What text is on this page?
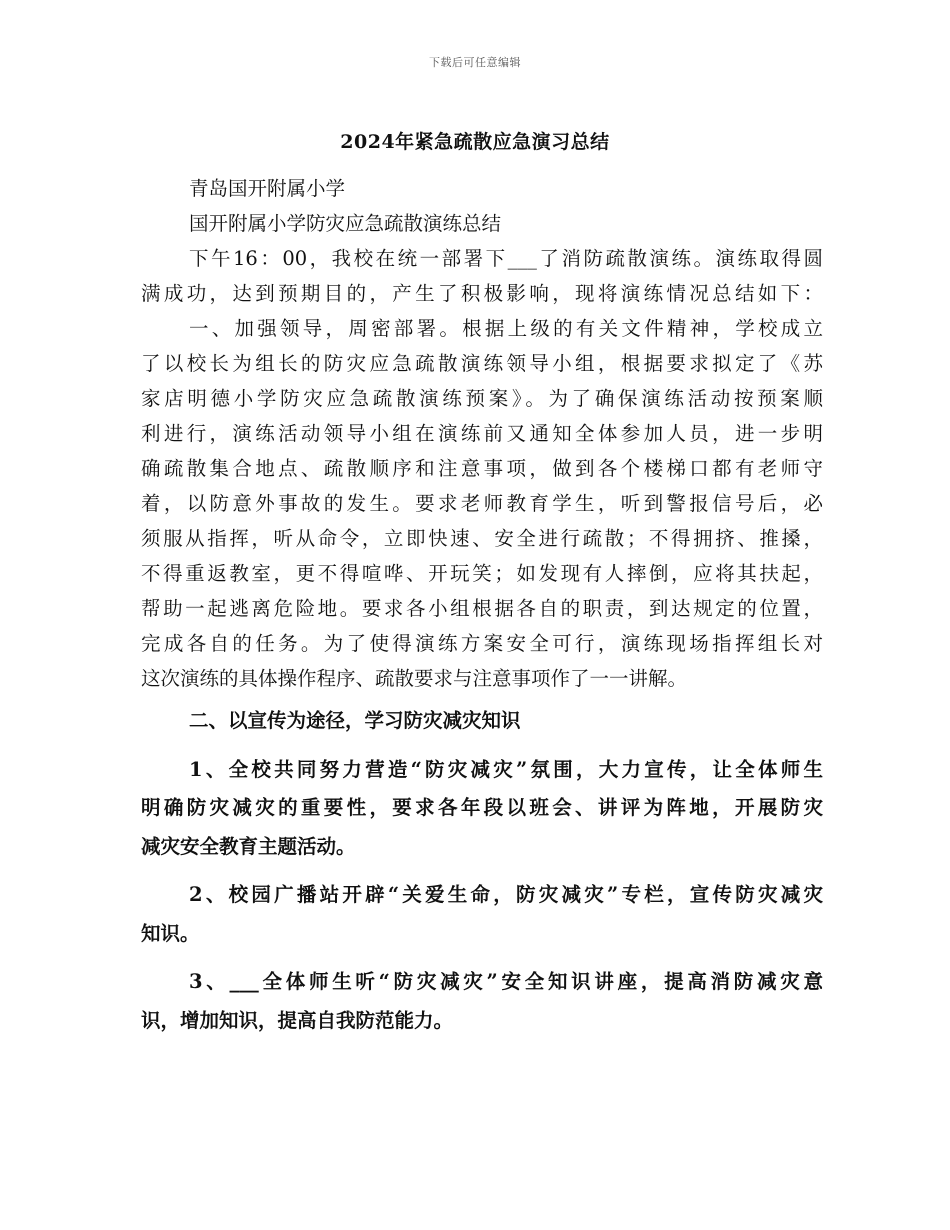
下载后可任意编辑
2024年紧急疏散应急演习总结
青岛国开附属小学
国开附属小学防灾应急疏散演练总结
下午16：00，我校在统一部署下___了消防疏散演练。演练取得圆
满成功，达到预期目的，产生了积极影响，现将演练情况总结如下：
一、加强领导，周密部署。根据上级的有关文件精神，学校成立
了以校长为组长的防灾应急疏散演练领导小组，根据要求拟定了《苏
家店明德小学防灾应急疏散演练预案》。为了确保演练活动按预案顺
利进行，演练活动领导小组在演练前又通知全体参加人员，进一步明
确疏散集合地点、疏散顺序和注意事项，做到各个楼梯口都有老师守
着，以防意外事故的发生。要求老师教育学生，听到警报信号后，必
须服从指挥，听从命令，立即快速、安全进行疏散；不得拥挤、推搡，
不得重返教室，更不得喧哗、开玩笑；如发现有人摔倒，应将其扶起，
帮助一起逃离危险地。要求各小组根据各自的职责，到达规定的位置，
完成各自的任务。为了使得演练方案安全可行，演练现场指挥组长对
这次演练的具体操作程序、疏散要求与注意事项作了一一讲解。
二、以宣传为途径，学习防灾减灾知识
1、全校共同努力营造“防灾减灾”氛围，大力宣传，让全体师生
明确防灾减灾的重要性，要求各年段以班会、讲评为阵地，开展防灾
减灾安全教育主题活动。
2、校园广播站开辟“关爱生命，防灾减灾”专栏，宣传防灾减灾
知识。
3、___全体师生听“防灾减灾”安全知识讲座，提高消防减灾意
识，增加知识，提高自我防范能力。
